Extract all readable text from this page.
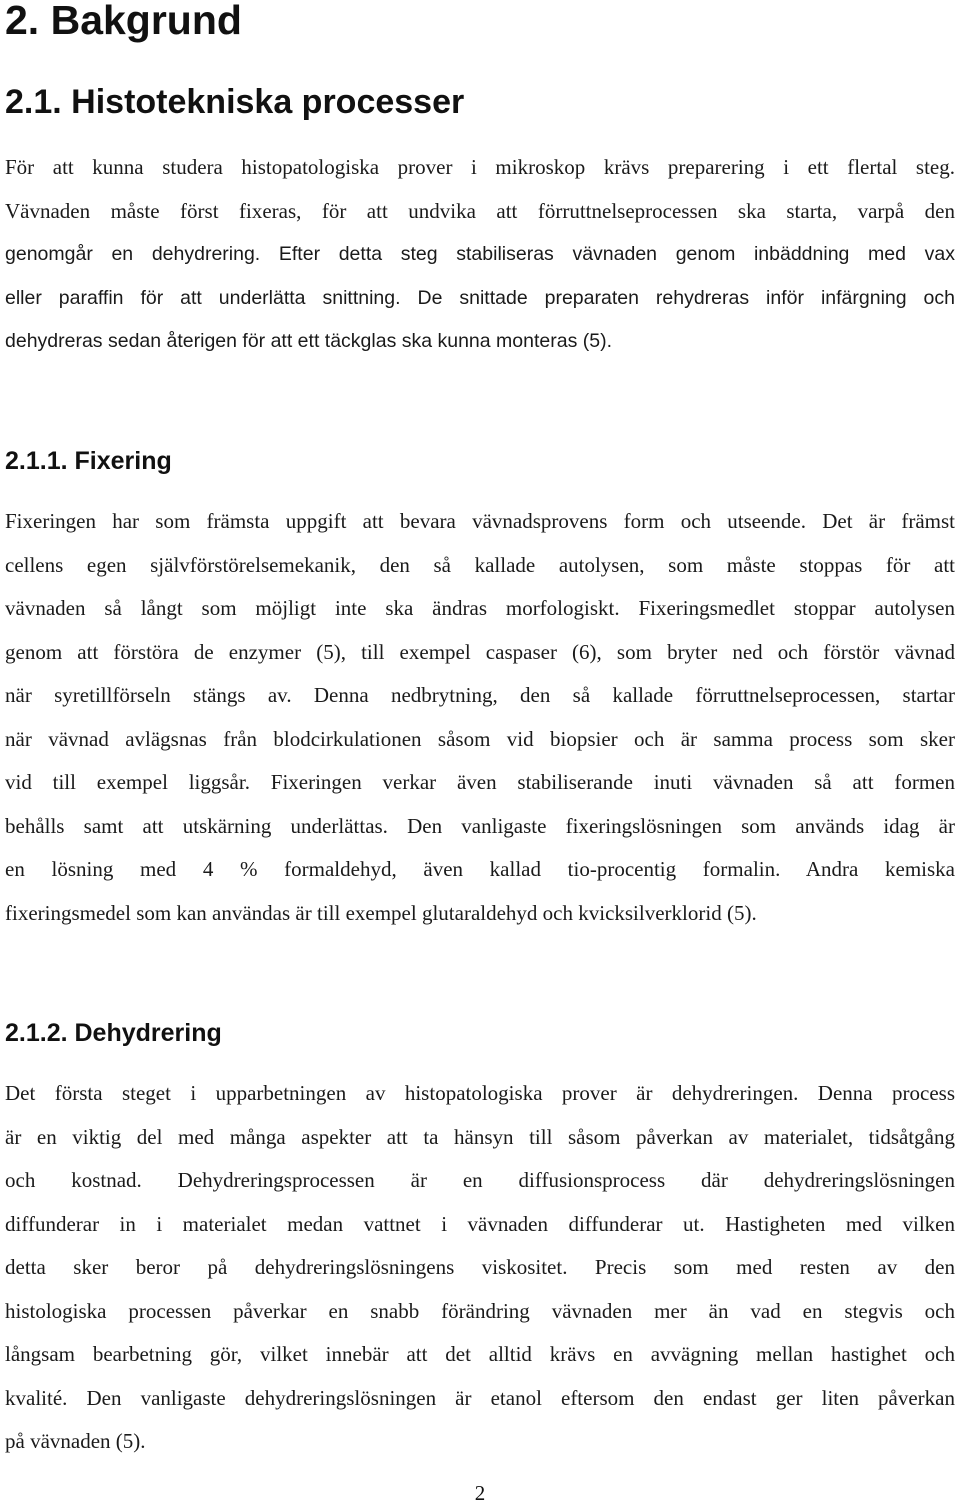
2. Bakgrund
2.1. Histotekniska processer
För att kunna studera histopatologiska prover i mikroskop krävs preparering i ett flertal steg.
Vävnaden måste först fixeras, för att undvika att förruttnelseprocessen ska starta, varpå den
genomgår en dehydrering. Efter detta steg stabiliseras vävnaden genom inbäddning med vax
eller paraffin för att underlätta snittning. De snittade preparaten rehydreras inför infärgning och
dehydreras sedan återigen för att ett täckglas ska kunna monteras (5).
2.1.1. Fixering
Fixeringen har som främsta uppgift att bevara vävnadsprovens form och utseende. Det är främst
cellens egen självförstörelsemekanik, den så kallade autolysen, som måste stoppas för att
vävnaden så långt som möjligt inte ska ändras morfologiskt. Fixeringsmedlet stoppar autolysen
genom att förstöra de enzymer (5), till exempel caspaser (6), som bryter ned och förstör vävnad
när syretillförseln stängs av. Denna nedbrytning, den så kallade förruttnelseprocessen, startar
när vävnad avlägsnas från blodcirkulationen såsom vid biopsier och är samma process som sker
vid till exempel liggsår. Fixeringen verkar även stabiliserande inuti vävnaden så att formen
behålls samt att utskärning underlättas. Den vanligaste fixeringslösningen som används idag är
en lösning med 4 % formaldehyd, även kallad tio-procentig formalin. Andra kemiska
fixeringsmedel som kan användas är till exempel glutaraldehyd och kvicksilverklorid (5).
2.1.2. Dehydrering
Det första steget i upparbetningen av histopatologiska prover är dehydreringen. Denna process
är en viktig del med många aspekter att ta hänsyn till såsom påverkan av materialet, tidsåtgång
och kostnad. Dehydreringsprocessen är en diffusionsprocess där dehydreringslösningen
diffunderar in i materialet medan vattnet i vävnaden diffunderar ut. Hastigheten med vilken
detta sker beror på dehydreringslösningens viskositet. Precis som med resten av den
histologiska processen påverkar en snabb förändring vävnaden mer än vad en stegvis och
långsam bearbetning gör, vilket innebär att det alltid krävs en avvägning mellan hastighet och
kvalité. Den vanligaste dehydreringslösningen är etanol eftersom den endast ger liten påverkan
på vävnaden (5).
2
